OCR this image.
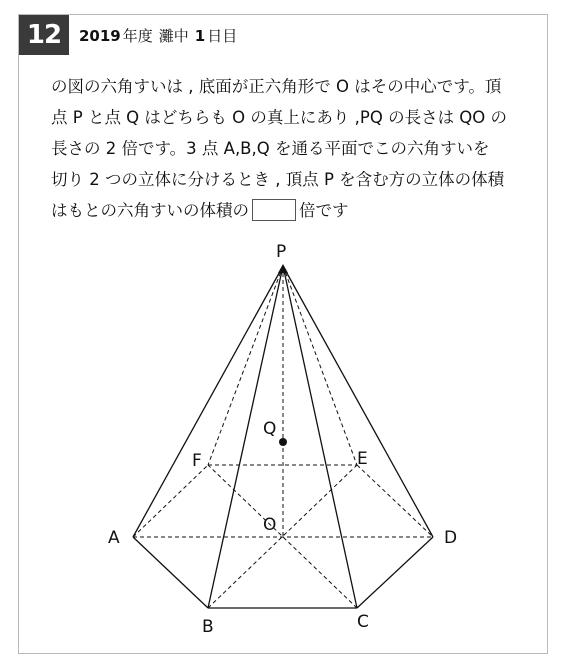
12	2019 年度 灘中 1 日目
の図の六角すいは , 底面が正六角形で O はその中心です。頂
点 P と点 Q はどちらも O の真上にあり ,PQ の長さは QO の
長さの 2 倍です。3 点 A,B,Q を通る平面でこの六角すいを
切り 2 つの立体に分けるとき , 頂点 P を含む方の立体の体積
はもとの六角すいの体積の	倍です
P
Q
O
A
B	C
D
E
F
